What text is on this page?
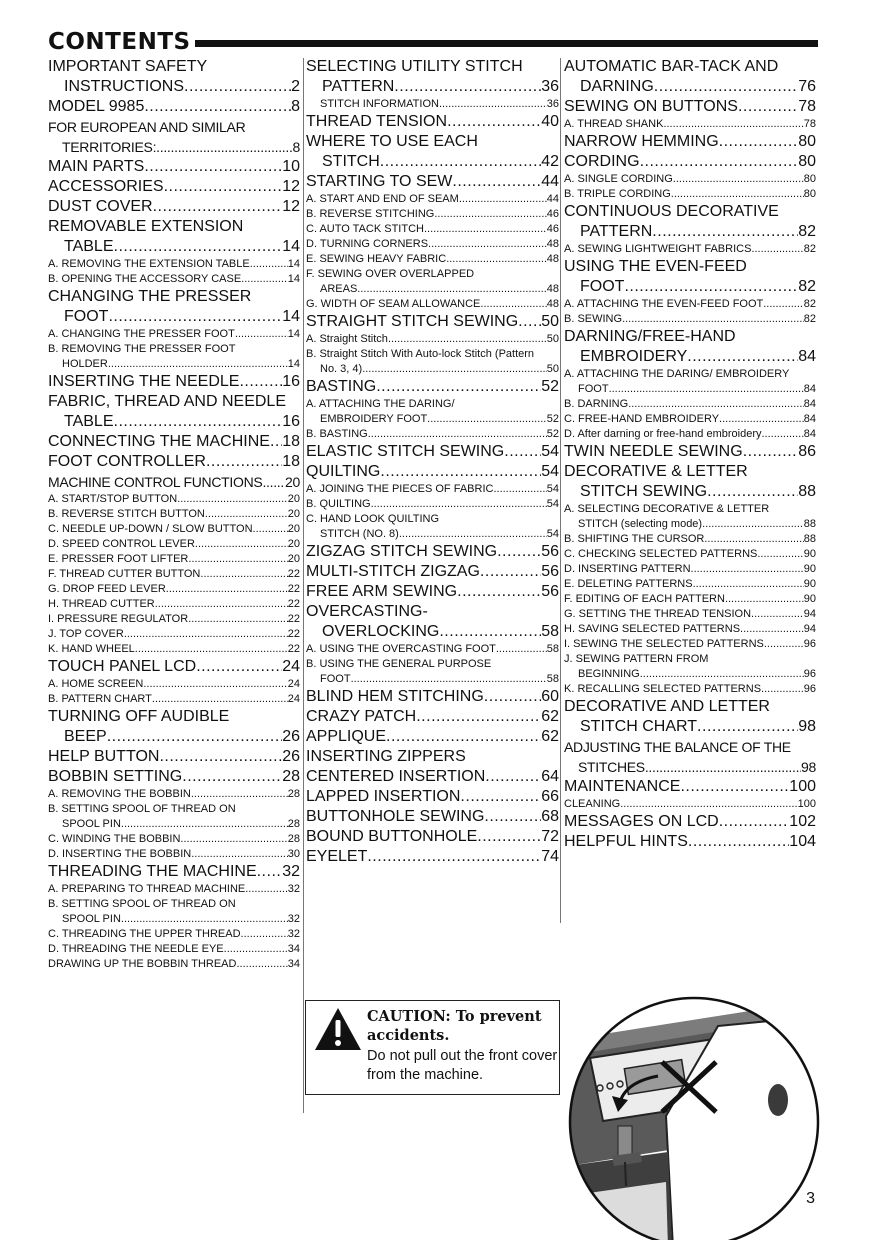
CONTENTS
IMPORTANT SAFETY
INSTRUCTIONS .....	2
MODEL 9985 .....	8
FOR EUROPEAN AND SIMILAR
TERRITORIES: .....	8
MAIN PARTS .....	10
ACCESSORIES .....	12
DUST COVER .....	12
REMOVABLE EXTENSION
TABLE .....	14
A. REMOVING THE EXTENSION TABLE .....	14
B. OPENING THE ACCESSORY CASE .....	14
CHANGING THE PRESSER
FOOT .....	14
A. CHANGING THE PRESSER FOOT .....	14
B. REMOVING THE PRESSER FOOT
HOLDER .....	14
INSERTING THE NEEDLE .....	16
FABRIC, THREAD AND NEEDLE
TABLE .....	16
CONNECTING THE MACHINE ..... 18
FOOT CONTROLLER .....	18
MACHINE CONTROL FUNCTIONS ..... 20
A. START/STOP BUTTON .....	20
B. REVERSE STITCH BUTTON .....	20
C. NEEDLE UP-DOWN / SLOW BUTTON .....	20
D. SPEED CONTROL LEVER .....	20
E. PRESSER FOOT LIFTER .....	20
F. THREAD CUTTER BUTTON .....	22
G. DROP FEED LEVER .....	22
H. THREAD CUTTER .....	22
I. PRESSURE REGULATOR .....	22
J. TOP COVER .....	22
K. HAND WHEEL .....	22
TOUCH PANEL LCD .....	24
A. HOME SCREEN .....	24
B. PATTERN CHART .....	24
TURNING OFF AUDIBLE
BEEP .....	26
HELP BUTTON .....	26
BOBBIN SETTING .....	28
A. REMOVING THE BOBBIN .....	28
B. SETTING SPOOL OF THREAD ON
SPOOL PIN .....	28
C. WINDING THE BOBBIN .....	28
D. INSERTING THE BOBBIN .....	30
THREADING THE MACHINE ..... 32
A. PREPARING TO THREAD MACHINE .....	32
B. SETTING SPOOL OF THREAD ON
SPOOL PIN .....	32
C. THREADING THE UPPER THREAD .....	32
D. THREADING THE NEEDLE EYE .....	34
DRAWING UP THE BOBBIN THREAD .....	34
SELECTING UTILITY STITCH
PATTERN .....	36
STITCH INFORMATION .....	36
THREAD TENSION .....	40
WHERE TO USE EACH
STITCH .....	42
STARTING TO SEW .....	44
A. START AND END OF SEAM .....	44
B. REVERSE STITCHING .....	46
C. AUTO TACK STITCH .....	46
D. TURNING CORNERS .....	48
E. SEWING HEAVY FABRIC .....	48
F. SEWING OVER OVERLAPPED
AREAS .....	48
G. WIDTH OF SEAM ALLOWANCE .....	48
STRAIGHT STITCH SEWING ..... 50
A. Straight Stitch .....	50
B. Straight Stitch With Auto-lock Stitch (Pattern
No. 3, 4) .....	50
BASTING .....	52
A. ATTACHING THE DARING/
EMBROIDERY FOOT .....	52
B. BASTING .....	52
ELASTIC STITCH SEWING ..... 54
QUILTING .....	54
A. JOINING THE PIECES OF FABRIC .....	54
B. QUILTING .....	54
C. HAND LOOK QUILTING
STITCH (NO. 8) .....	54
ZIGZAG STITCH SEWING .....	56
MULTI-STITCH ZIGZAG .....	56
FREE ARM SEWING .....	56
OVERCASTING-
OVERLOCKING .....	58
A. USING THE OVERCASTING FOOT .....	58
B. USING THE GENERAL PURPOSE
FOOT .....	58
BLIND HEM STITCHING .....	60
CRAZY PATCH .....	62
APPLIQUE .....	62
INSERTING ZIPPERS
CENTERED INSERTION .....	64
LAPPED INSERTION .....	66
BUTTONHOLE SEWING .....	68
BOUND BUTTONHOLE .....	72
EYELET .....	74
AUTOMATIC BAR-TACK AND
DARNING .....	76
SEWING ON BUTTONS .....	78
A. THREAD SHANK .....	78
NARROW HEMMING .....	80
CORDING .....	80
A. SINGLE CORDING .....	80
B. TRIPLE CORDING .....	80
CONTINUOUS DECORATIVE
PATTERN .....	82
A. SEWING LIGHTWEIGHT FABRICS .....	82
USING THE EVEN-FEED
FOOT .....	82
A. ATTACHING THE EVEN-FEED FOOT .....	82
B. SEWING .....	82
DARNING/FREE-HAND
EMBROIDERY .....	84
A. ATTACHING THE DARING/ EMBROIDERY
FOOT .....	84
B. DARNING .....	84
C. FREE-HAND EMBROIDERY .....	84
D. After darning or free-hand embroidery .....	84
TWIN NEEDLE SEWING .....	86
DECORATIVE & LETTER
STITCH SEWING .....	88
A. SELECTING DECORATIVE & LETTER
STITCH (selecting mode) .....	88
B. SHIFTING THE CURSOR .....	88
C. CHECKING SELECTED PATTERNS .....	90
D. INSERTING PATTERN .....	90
E. DELETING PATTERNS .....	90
F. EDITING OF EACH PATTERN .....	90
G. SETTING THE THREAD TENSION .....	94
H. SAVING SELECTED PATTERNS .....	94
I. SEWING THE SELECTED PATTERNS .....	96
J. SEWING PATTERN FROM
BEGINNING .....	96
K. RECALLING SELECTED PATTERNS .....	96
DECORATIVE AND LETTER
STITCH CHART .....	98
ADJUSTING THE BALANCE OF THE
STITCHES .....	98
MAINTENANCE .....	100
CLEANING .....	100
MESSAGES ON LCD .....	102
HELPFUL HINTS .....	104
CAUTION: To prevent accidents.
Do not pull out the front cover from the machine.
3
